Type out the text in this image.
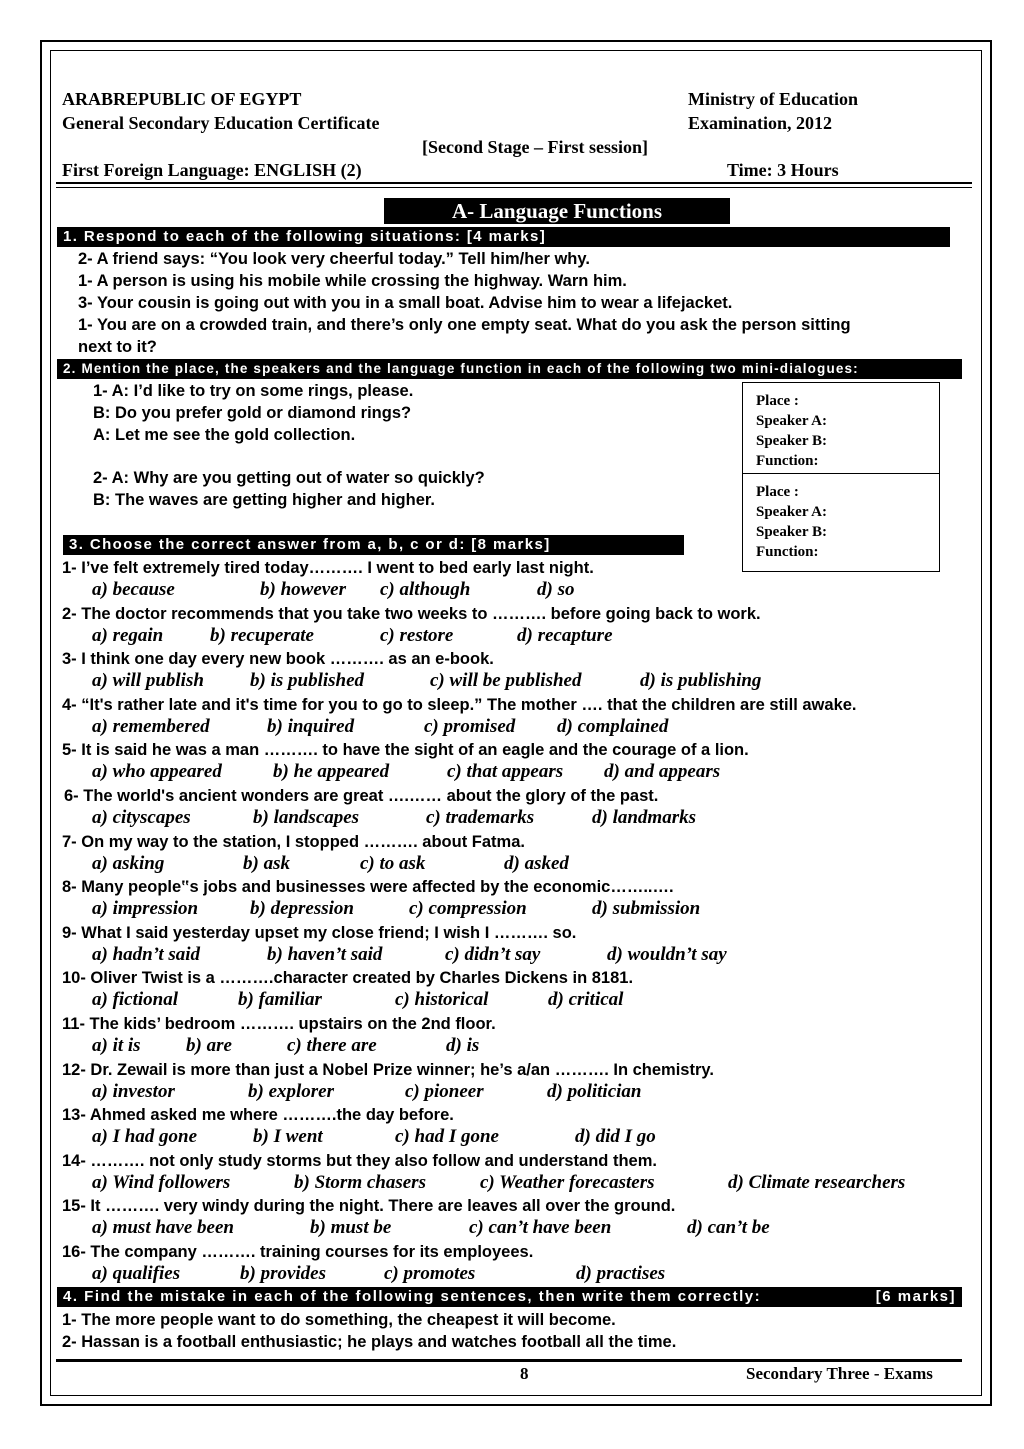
ARABREPUBLIC OF EGYPT
General Secondary Education Certificate
Ministry of Education
Examination, 2012
[Second Stage – First session]
First Foreign Language: ENGLISH (2)	Time: 3 Hours
A- Language Functions
1. Respond to each of the following situations: [4 marks]
2- A friend says: “You look very cheerful today.” Tell him/her why.
1- A person is using his mobile while crossing the highway. Warn him.
3- Your cousin is going out with you in a small boat. Advise him to wear a lifejacket.
1- You are on a crowded train, and there’s only one empty seat. What do you ask the person sitting
next to it?
2. Mention the place, the speakers and the language function in each of the following two mini-dialogues:
1- A: I’d like to try on some rings, please.
B: Do you prefer gold or diamond rings?
A: Let me see the gold collection.
2- A: Why are you getting out of water so quickly?
B: The waves are getting higher and higher.
Place :
Speaker A:
Speaker B:
Function:
Place :
Speaker A:
Speaker B:
Function:
3. Choose the correct answer from a, b, c or d: [8 marks]
1- I’ve felt extremely tired today………. I went to bed early last night.
a) because	b) however c) although	d) so
2- The doctor recommends that you take two weeks to ………. before going back to work.
a) regain b) recuperate	c) restore	d) recapture
3- I think one day every new book ………. as an e-book.
a) will publish b) is published	c) will be published	d) is publishing
4- “It's rather late and it's time for you to go to sleep.” The mother …. that the children are still awake.
a) remembered	b) inquired	c) promised d) complained
5- It is said he was a man ………. to have the sight of an eagle and the courage of a lion.
a) who appeared	b) he appeared	c) that appears d) and appears
6- The world's ancient wonders are great ….…… about the glory of the past.
a) cityscapes	b) landscapes	c) trademarks	d) landmarks
7- On my way to the station, I stopped ………. about Fatma.
a) asking	b) ask	c) to ask	d) asked
8- Many people‟s jobs and businesses were affected by the economic……..….
a) impression	b) depression	c) compression	d) submission
9- What I said yesterday upset my close friend; I wish I ………. so.
a) hadn’t said	b) haven’t said	c) didn’t say	d) wouldn’t say
10- Oliver Twist is a ……….character created by Charles Dickens in 8181.
a) fictional	b) familiar	c) historical	d) critical
11- The kids’ bedroom ………. upstairs on the 2nd floor.
a) it is b) are	c) there are	d) is
12- Dr. Zewail is more than just a Nobel Prize winner; he’s a/an ………. In chemistry.
a) investor	b) explorer	c) pioneer	d) politician
13- Ahmed asked me where ……….the day before.
a) I had gone	b) I went	c) had I gone	d) did I go
14- ………. not only study storms but they also follow and understand them.
a) Wind followers	b) Storm chasers	c) Weather forecasters	d) Climate researchers
15- It ………. very windy during the night. There are leaves all over the ground.
a) must have been	b) must be	c) can’t have been	d) can’t be
16- The company ………. training courses for its employees.
a) qualifies	b) provides	c) promotes	d) practises
4. Find the mistake in each of the following sentences, then write them correctly:	[6 marks]
1- The more people want to do something, the cheapest it will become.
2- Hassan is a football enthusiastic; he plays and watches football all the time.
8	Secondary Three - Exams
